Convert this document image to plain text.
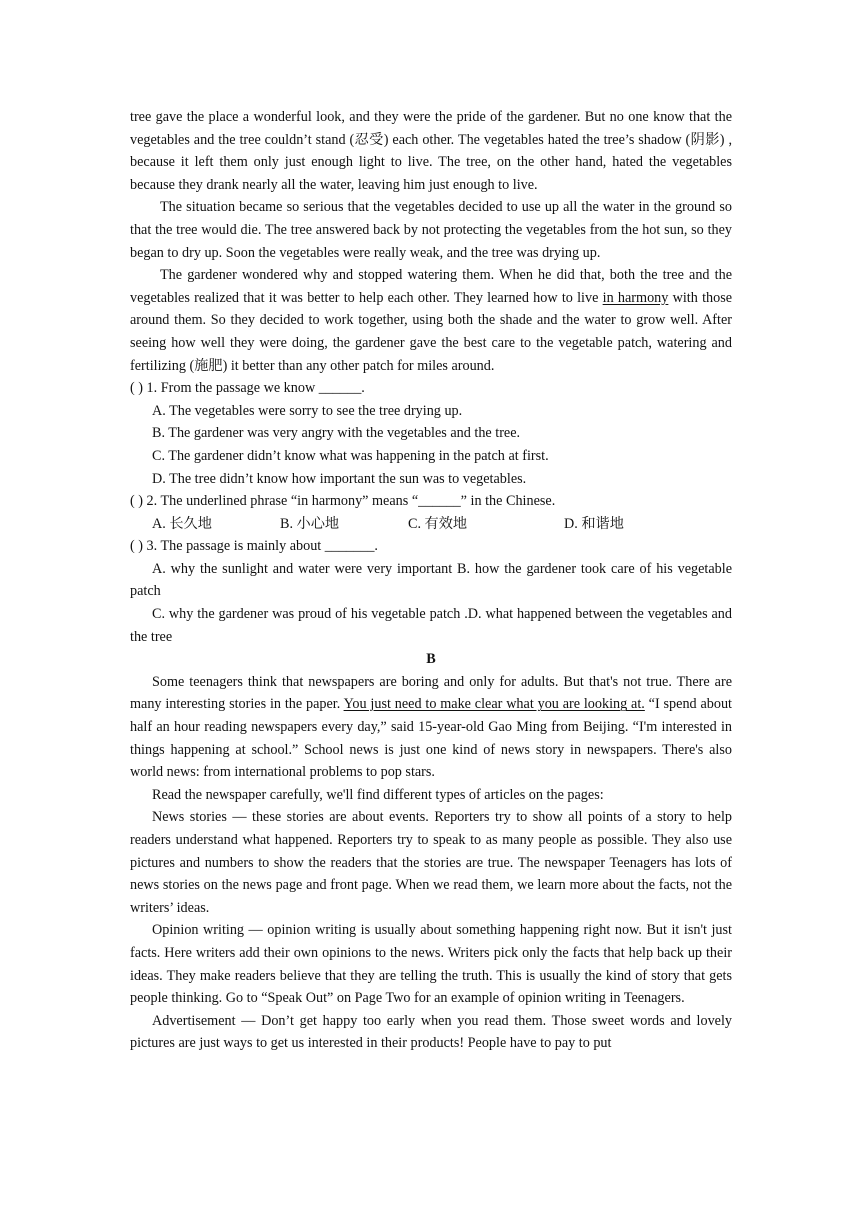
tree gave the place a wonderful look, and they were the pride of the gardener. But no one know that the vegetables and the tree couldn’t stand (忍受) each other. The vegetables hated the tree’s shadow (阴影) , because it left them only just enough light to live. The tree, on the other hand, hated the vegetables because they drank nearly all the water, leaving him just enough to live.

The situation became so serious that the vegetables decided to use up all the water in the ground so that the tree would die. The tree answered back by not protecting the vegetables from the hot sun, so they began to dry up. Soon the vegetables were really weak, and the tree was drying up.

The gardener wondered why and stopped watering them. When he did that, both the tree and the vegetables realized that it was better to help each other. They learned how to live in harmony with those around them. So they decided to work together, using both the shade and the water to grow well. After seeing how well they were doing, the gardener gave the best care to the vegetable patch, watering and fertilizing (施肥) it better than any other patch for miles around.

( ) 1. From the passage we know ______.

A. The vegetables were sorry to see the tree drying up.

B. The gardener was very angry with the vegetables and the tree.

C. The gardener didn’t know what was happening in the patch at first.

D. The tree didn’t know how important the sun was to vegetables.

( ) 2. The underlined phrase “in harmony” means “______” in the Chinese.

A. 长久地	B. 小心地	C. 有效地	D. 和谐地

( ) 3. The passage is mainly about _______.

A. why the sunlight and water were very important B. how the gardener took care of his vegetable patch

C. why the gardener was proud of his vegetable patch .D. what happened between the vegetables and the tree

B

Some teenagers think that newspapers are boring and only for adults. But that's not true. There are many interesting stories in the paper. You just need to make clear what you are looking at. “I spend about half an hour reading newspapers every day,” said 15-year-old Gao Ming from Beijing. “I'm interested in things happening at school.” School news is just one kind of news story in newspapers. There's also world news: from international problems to pop stars.

Read the newspaper carefully, we'll find different types of articles on the pages:

News stories — these stories are about events. Reporters try to show all points of a story to help readers understand what happened. Reporters try to speak to as many people as possible. They also use pictures and numbers to show the readers that the stories are true. The newspaper Teenagers has lots of news stories on the news page and front page. When we read them, we learn more about the facts, not the writers’ ideas.

Opinion writing — opinion writing is usually about something happening right now. But it isn't just facts. Here writers add their own opinions to the news. Writers pick only the facts that help back up their ideas. They make readers believe that they are telling the truth. This is usually the kind of story that gets people thinking. Go to “Speak Out” on Page Two for an example of opinion writing in Teenagers.

Advertisement — Don’t get happy too early when you read them. Those sweet words and lovely pictures are just ways to get us interested in their products! People have to pay to put
